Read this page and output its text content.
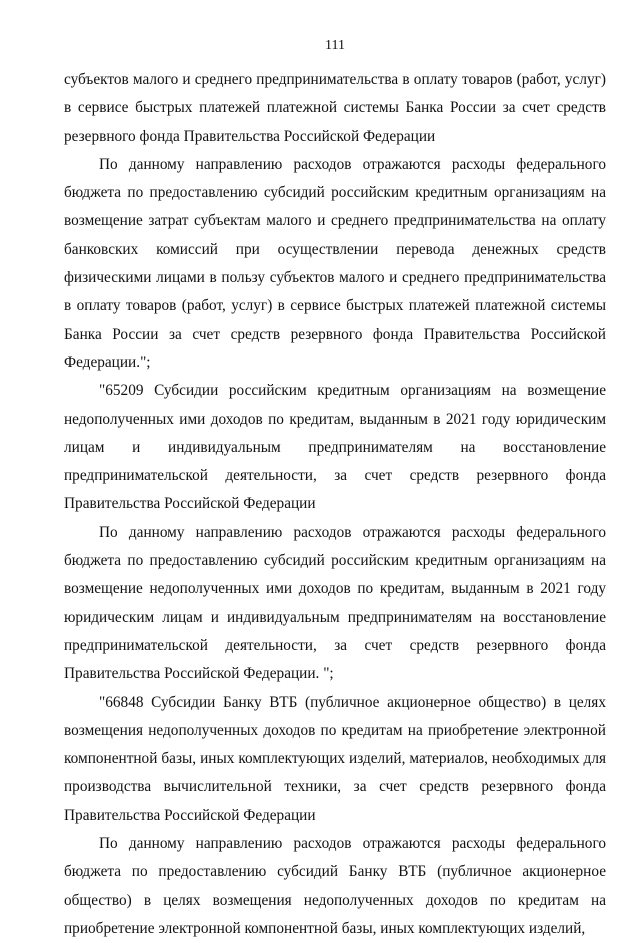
111

субъектов малого и среднего предпринимательства в оплату товаров (работ, услуг) в сервисе быстрых платежей платежной системы Банка России за счет средств резервного фонда Правительства Российской Федерации

По данному направлению расходов отражаются расходы федерального бюджета по предоставлению субсидий российским кредитным организациям на возмещение затрат субъектам малого и среднего предпринимательства на оплату банковских комиссий при осуществлении перевода денежных средств физическими лицами в пользу субъектов малого и среднего предпринимательства в оплату товаров (работ, услуг) в сервисе быстрых платежей платежной системы Банка России за счет средств резервного фонда Правительства Российской Федерации.";

"65209 Субсидии российским кредитным организациям на возмещение недополученных ими доходов по кредитам, выданным в 2021 году юридическим лицам и индивидуальным предпринимателям на восстановление предпринимательской деятельности, за счет средств резервного фонда Правительства Российской Федерации

По данному направлению расходов отражаются расходы федерального бюджета по предоставлению субсидий российским кредитным организациям на возмещение недополученных ими доходов по кредитам, выданным в 2021 году юридическим лицам и индивидуальным предпринимателям на восстановление предпринимательской деятельности, за счет средств резервного фонда Правительства Российской Федерации. ";

"66848 Субсидии Банку ВТБ (публичное акционерное общество) в целях возмещения недополученных доходов по кредитам на приобретение электронной компонентной базы, иных комплектующих изделий, материалов, необходимых для производства вычислительной техники, за счет средств резервного фонда Правительства Российской Федерации

По данному направлению расходов отражаются расходы федерального бюджета по предоставлению субсидий Банку ВТБ (публичное акционерное общество) в целях возмещения недополученных доходов по кредитам на приобретение электронной компонентной базы, иных комплектующих изделий,
